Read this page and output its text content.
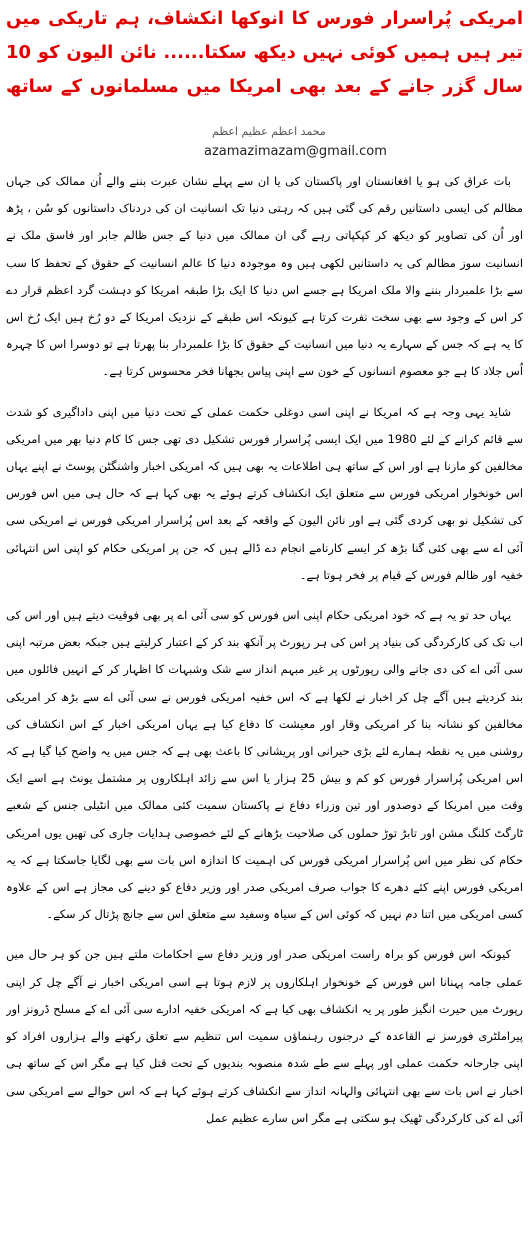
امریکی پُراسرار فورس کا انوکھا انکشاف، ہم تاریکی میں تیر ہیں ہمیں کوئی نہیں دیکھ سکتا...... نائن الیون کو 10 سال گزر جانے کے بعد بھی امریکا میں مسلمانوں کے ساتھ
محمد اعظم عظیم اعظم
azamazimazam@gmail.com

بات عراق کی ہو یا افغانستان اور پاکستان کی یا ان سے پہلے نشان عبرت بننے والے اُن ممالک کی جہاں مظالم کی ایسی داستانیں رقم کی گئی ہیں کہ رہتی دنیا تک انسانیت ان کی دردناک داستانوں کو سُن ، پڑھ اور اُن کی تصاویر کو دیکھ کر کپکپاتی رہے گی ان ممالک میں دنیا کے جس ظالم جابر اور فاسق ملک نے انسانیت سوز مظالم کی یہ داستانیں لکھی ہیں وہ موجودہ دنیا کا عالم انسانیت کے حقوق کے تحفظ کا سب سے بڑا علمبردار بننے والا ملک امریکا ہے جسے اس دنیا کا ایک بڑا طبقہ امریکا کو دہشت گرد اعظم قرار دے کر اس کے وجود سے بھی سخت نفرت کرتا ہے کیونکہ اس طبقے کے نزدیک امریکا کے دو رُخ ہیں ایک رُخ اس کا یہ ہے کہ جس کے سہارے یہ دنیا میں انسانیت کے حقوق کا بڑا علمبردار بنا پھرتا ہے تو دوسرا اس کا چہرہ اُس جلاد کا ہے جو معصوم انسانوں کے خون سے اپنی پیاس بجھانا فخر محسوس کرتا ہے۔

شاید یہی وجہ ہے کہ امریکا نے اپنی اسی دوغلی حکمت عملی کے تحت دنیا میں اپنی داداگیری کو شدت سے قائم کرانے کے لئے 1980 میں ایک ایسی پُراسرار فورس تشکیل دی تھی جس کا کام دنیا بھر میں امریکی مخالفین کو مارنا ہے اور اس کے ساتھ ہی اطلاعات یہ بھی ہیں کہ امریکی اخبار واشنگٹن پوسٹ نے اپنے یہاں اس خونخوار امریکی فورس سے متعلق ایک انکشاف کرتے ہوئے یہ بھی کہا ہے کہ حال ہی میں اس فورس کی تشکیل نو بھی کردی گئی ہے اور نائن الیون کے واقعہ کے بعد اس پُراسرار امریکی فورس نے امریکی سی آئی اے سے بھی کئی گنا بڑھ کر ایسے کارنامے انجام دے ڈالے ہیں کہ جن پر امریکی حکام کو اپنی اس انتہائی خفیہ اور ظالم فورس کے قیام پر فخر ہوتا ہے۔

یہاں حد تو یہ ہے کہ خود امریکی حکام اپنی اس فورس کو سی آئی اے پر بھی فوقیت دیتے ہیں اور اس کی اب تک کی کارکردگی کی بنیاد پر اس کی ہر رپورٹ پر آنکھ بند کر کے اعتبار کرلیتے ہیں جبکہ بعض مرتبہ اپنی سی آئی اے کی دی جانے والی رپورٹوں پر غیر مبہم انداز سے شک وشبہات کا اظہار کر کے انہیں فائلوں میں بند کردیتے ہیں آگے چل کر اخبار نے لکھا ہے کہ اس خفیہ امریکی فورس نے سی آئی اے سے بڑھ کر امریکی مخالفین کو نشانہ بنا کر امریکی وقار اور معیشت کا دفاع کیا ہے یہاں امریکی اخبار کے اس انکشاف کی روشنی میں یہ نقطہ ہمارے لئے بڑی حیرانی اور پریشانی کا باعث بھی ہے کہ جس میں یہ واضح کیا گیا ہے کہ اس امریکی پُراسرار فورس کو کم و بیش 25 ہزار یا اس سے زائد اہلکاروں پر مشتمل یونٹ ہے اسے ایک وقت میں امریکا کے دوصدور اور تین وزراء دفاع نے پاکستان سمیت کئی ممالک میں انٹیلی جنس کے شعبے ٹارگٹ کلنگ مشن اور تابڑ توڑ حملوں کی صلاحیت بڑھانے کے لئے خصوصی ہدایات جاری کی تھیں یوں امریکی حکام کی نظر میں اس پُراسرار امریکی فورس کی اہمیت کا اندازہ اس بات سے بھی لگایا جاسکتا ہے کہ یہ امریکی فورس اپنے کئے دھرے کا جواب صرف امریکی صدر اور وزیر دفاع کو دینے کی مجاز ہے اس کے علاوہ کسی امریکی میں اتنا دم نہیں کہ کوئی اس کے سیاہ وسفید سے متعلق اس سے جانچ پڑتال کر سکے۔

کیونکہ اس فورس کو براہ راست امریکی صدر اور وزیر دفاع سے احکامات ملتے ہیں جن کو ہر حال میں عملی جامہ پہنانا اس فورس کے خونخوار اہلکاروں پر لازم ہوتا ہے اسی امریکی اخبار نے آگے چل کر اپنی رپورٹ میں حیرت انگیز طور پر یہ انکشاف بھی کیا ہے کہ امریکی خفیہ ادارے سی آئی اے کے مسلح ڈرونز اور پیراملٹری فورسز نے القاعدہ کے درجنوں رہنماؤں سمیت اس تنظیم سے تعلق رکھنے والے ہزاروں افراد کو اپنی جارحانہ حکمت عملی اور پہلے سے طے شدہ منصوبہ بندیوں کے تحت قتل کیا ہے مگر اس کے ساتھ ہی اخبار نے اس بات سے بھی انتہائی والہانہ انداز سے انکشاف کرتے ہوئے کہا ہے کہ اس حوالے سے امریکی سی آئی اے کی کارکردگی ٹھیک ہو سکتی ہے مگر اس سارے عظیم عمل
